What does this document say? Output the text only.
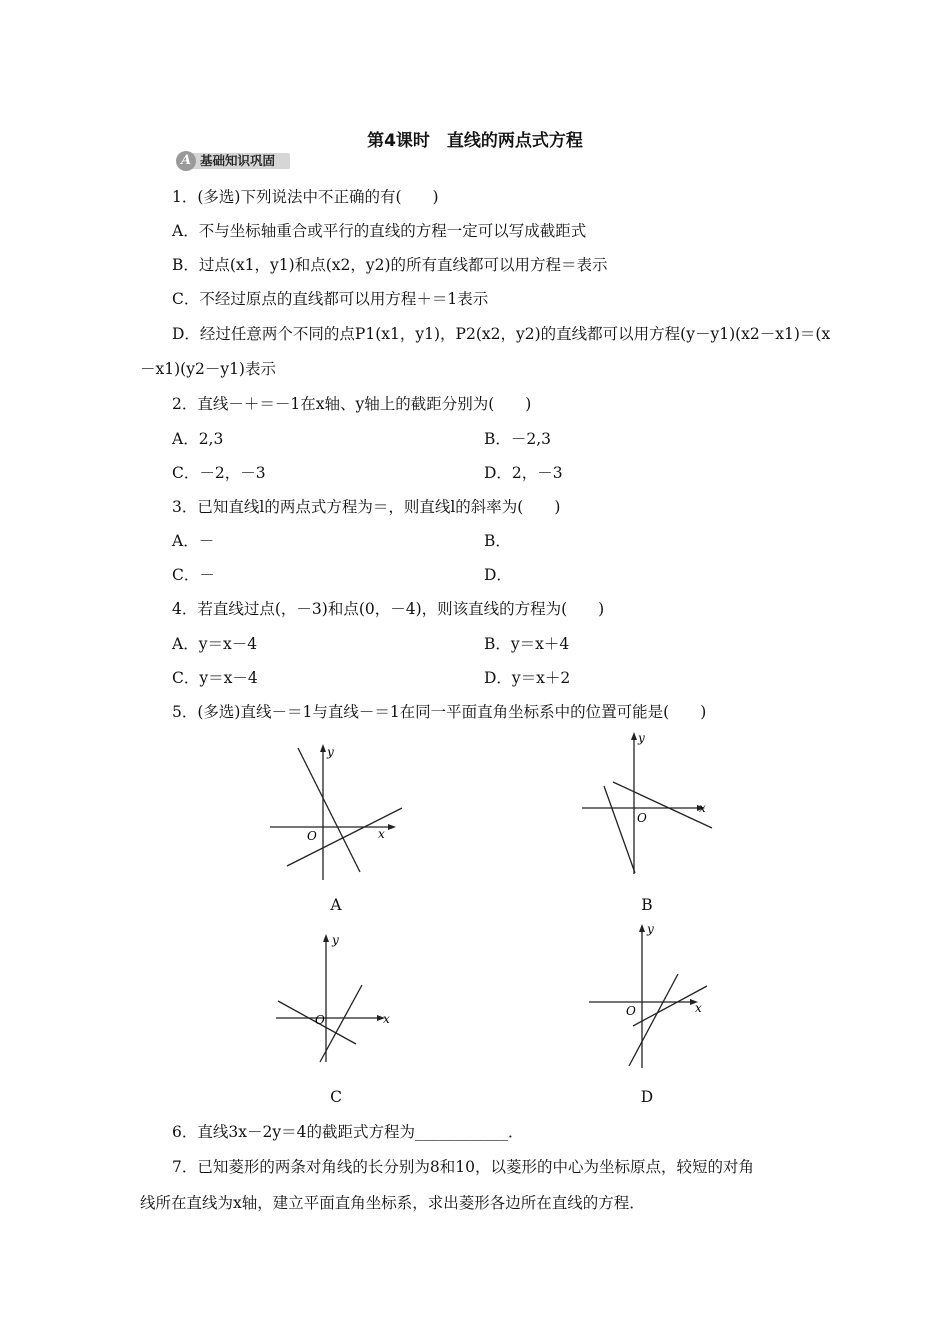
第4课时　直线的两点式方程
A 基础知识巩固
1．(多选)下列说法中不正确的有(　　)
A．不与坐标轴重合或平行的直线的方程一定可以写成截距式
B．过点(x1，y1)和点(x2，y2)的所有直线都可以用方程＝表示
C．不经过原点的直线都可以用方程＋＝1表示
D．经过任意两个不同的点P1(x1，y1)，P2(x2，y2)的直线都可以用方程(y－y1)(x2－x1)＝(x
－x1)(y2－y1)表示
2．直线－＋＝－1在x轴、y轴上的截距分别为(　　)
A．2,3	B．－2,3
C．－2，－3	D．2，－3
3．已知直线l的两点式方程为＝，则直线l的斜率为(　　)
A．－	B．
C．－	D．
4．若直线过点(，－3)和点(0，－4)，则该直线的方程为(　　)
A．y＝x－4	B．y＝x＋4
C．y＝x－4	D．y＝x＋2
5．(多选)直线－＝1与直线－＝1在同一平面直角坐标系中的位置可能是(　　)
y
x
O
A
y
x
O
B
y
x
O
C
y
x
O
D
6．直线3x－2y＝4的截距式方程为____________．
7．已知菱形的两条对角线的长分别为8和10，以菱形的中心为坐标原点，较短的对角
线所在直线为x轴，建立平面直角坐标系，求出菱形各边所在直线的方程．
